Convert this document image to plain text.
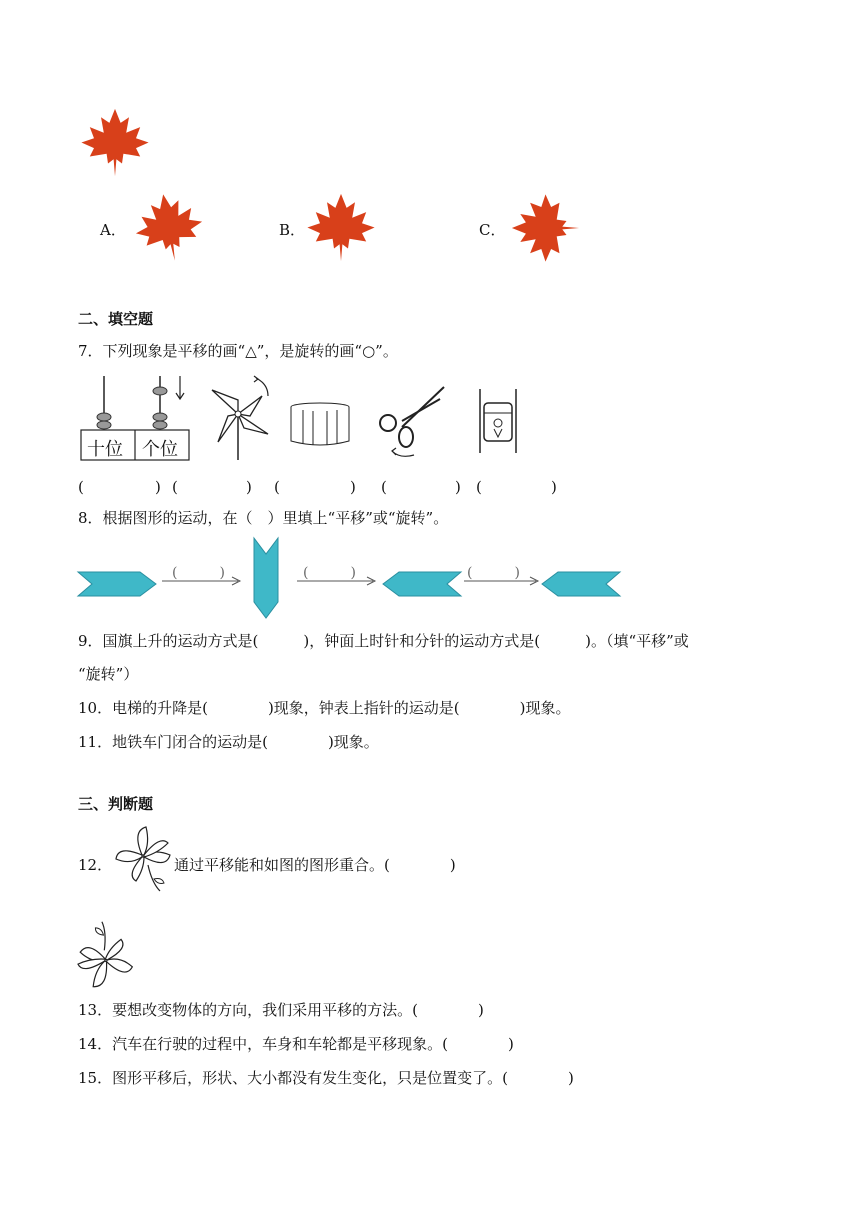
A．	B．	C．
二、填空题
7．下列现象是平移的画“△”，是旋转的画“○”。
十位 个位
(	) (	) (	) (	) (	)
8．根据图形的运动，在（　）里填上“平移”或“旋转”。
(　　　)	(　　　)	(　　　)
9．国旗上升的运动方式是(　　　)，钟面上时针和分针的运动方式是(　　　)。（填“平移”或
“旋转”）
10．电梯的升降是(　　　　)现象，钟表上指针的运动是(　　　　)现象。
11．地铁车门闭合的运动是(　　　　)现象。
三、判断题
12．	通过平移能和如图的图形重合。(　　　　)
13．要想改变物体的方向，我们采用平移的方法。(　　　　)
14．汽车在行驶的过程中，车身和车轮都是平移现象。(　　　　)
15．图形平移后，形状、大小都没有发生变化，只是位置变了。(　　　　)
